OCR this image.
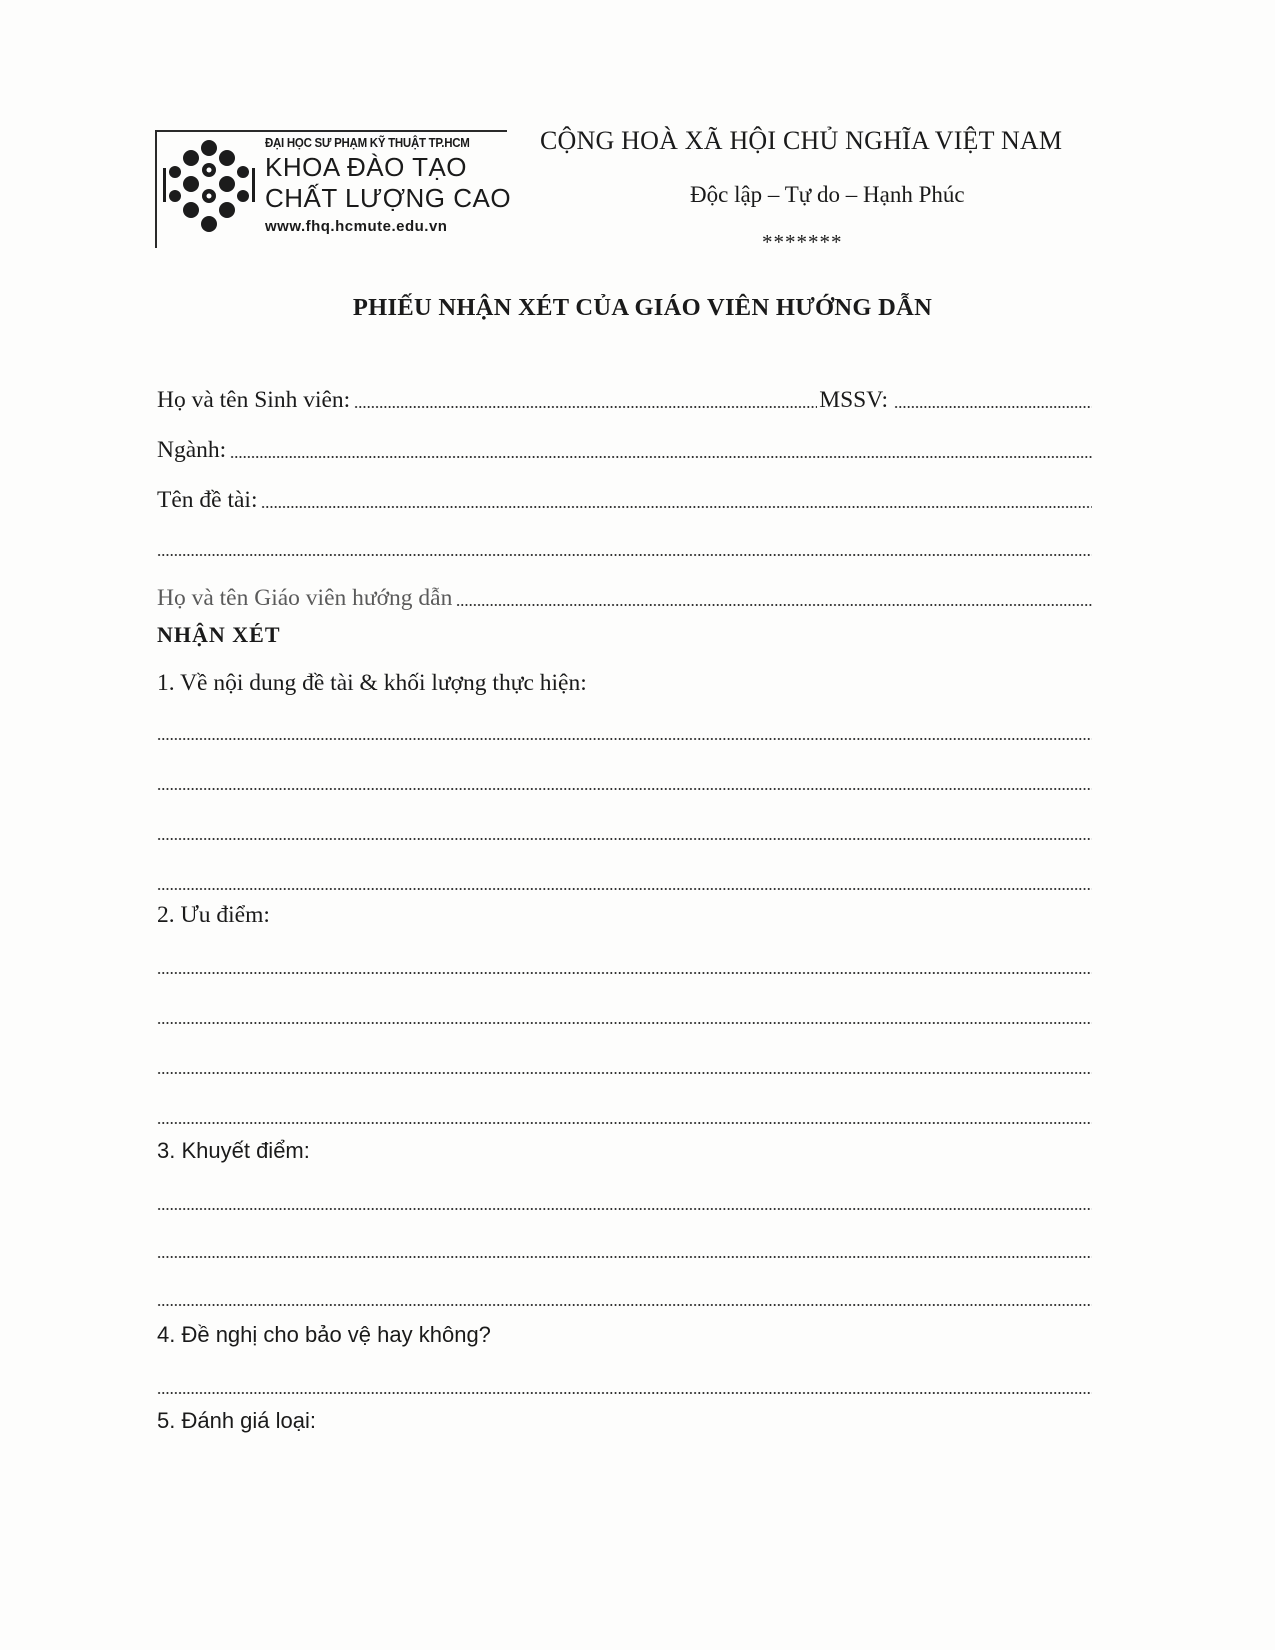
ĐẠI HỌC SƯ PHẠM KỸ THUẬT TP.HCM
KHOA ĐÀO TẠO
CHẤT LƯỢNG CAO
www.fhq.hcmute.edu.vn
CỘNG HOÀ XÃ HỘI CHỦ NGHĨA VIỆT NAM
Độc lập – Tự do – Hạnh Phúc
*******
PHIẾU NHẬN XÉT CỦA GIÁO VIÊN HƯỚNG DẪN
Họ và tên Sinh viên:	MSSV:
Ngành:
Tên đề tài:
Họ và tên Giáo viên hướng dẫn
NHẬN XÉT
1. Về nội dung đề tài & khối lượng thực hiện:
2. Ưu điểm:
3. Khuyết điểm:
4. Đề nghị cho bảo vệ hay không?
5. Đánh giá loại:
